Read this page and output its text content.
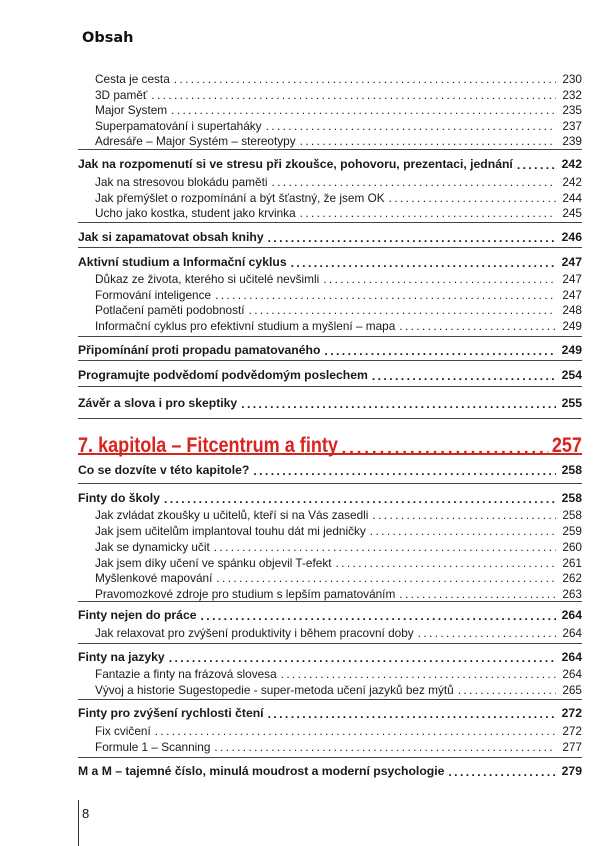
Obsah
Cesta je cesta .....	230
3D paměť .....	232
Major System .....	235
Superpamatování i supertaháky .....	237
Adresáře – Major Systém – stereotypy .....	239
Jak na rozpomenutí si ve stresu při zkoušce, pohovoru, prezentaci, jednání .....	242
Jak na stresovou blokádu paměti .....	242
Jak přemýšlet o rozpomínání a být šťastný, že jsem OK .....	244
Ucho jako kostka, student jako krvinka .....	245
Jak si zapamatovat obsah knihy .....	246
Aktivní studium a Informační cyklus .....	247
Důkaz ze života, kterého si učitelé nevšimli .....	247
Formování inteligence .....	247
Potlačení paměti podobností .....	248
Informační cyklus pro efektivní studium a myšlení – mapa .....	249
Připomínání proti propadu pamatovaného .....	249
Programujte podvědomí podvědomým poslechem .....	254
Závěr a slova i pro skeptiky .....	255
7. kapitola – Fitcentrum a finty .....	257
Co se dozvíte v této kapitole? .....	258
Finty do školy .....	258
Jak zvládat zkoušky u učitelů, kteří si na Vás zasedli .....	258
Jak jsem učitelům implantoval touhu dát mi jedničky .....	259
Jak se dynamicky učit .....	260
Jak jsem díky učení ve spánku objevil T-efekt .....	261
Myšlenkové mapování .....	262
Pravomozkové zdroje pro studium s lepším pamatováním .....	263
Finty nejen do práce .....	264
Jak relaxovat pro zvýšení produktivity i během pracovní doby .....	264
Finty na jazyky .....	264
Fantazie a finty na frázová slovesa .....	264
Vývoj a historie Sugestopedie - super-metoda učení jazyků bez mýtů .....	265
Finty pro zvýšení rychlosti čtení .....	272
Fix cvičení .....	272
Formule 1 – Scanning .....	277
M a M – tajemné číslo, minulá moudrost a moderní psychologie .....	279
8
